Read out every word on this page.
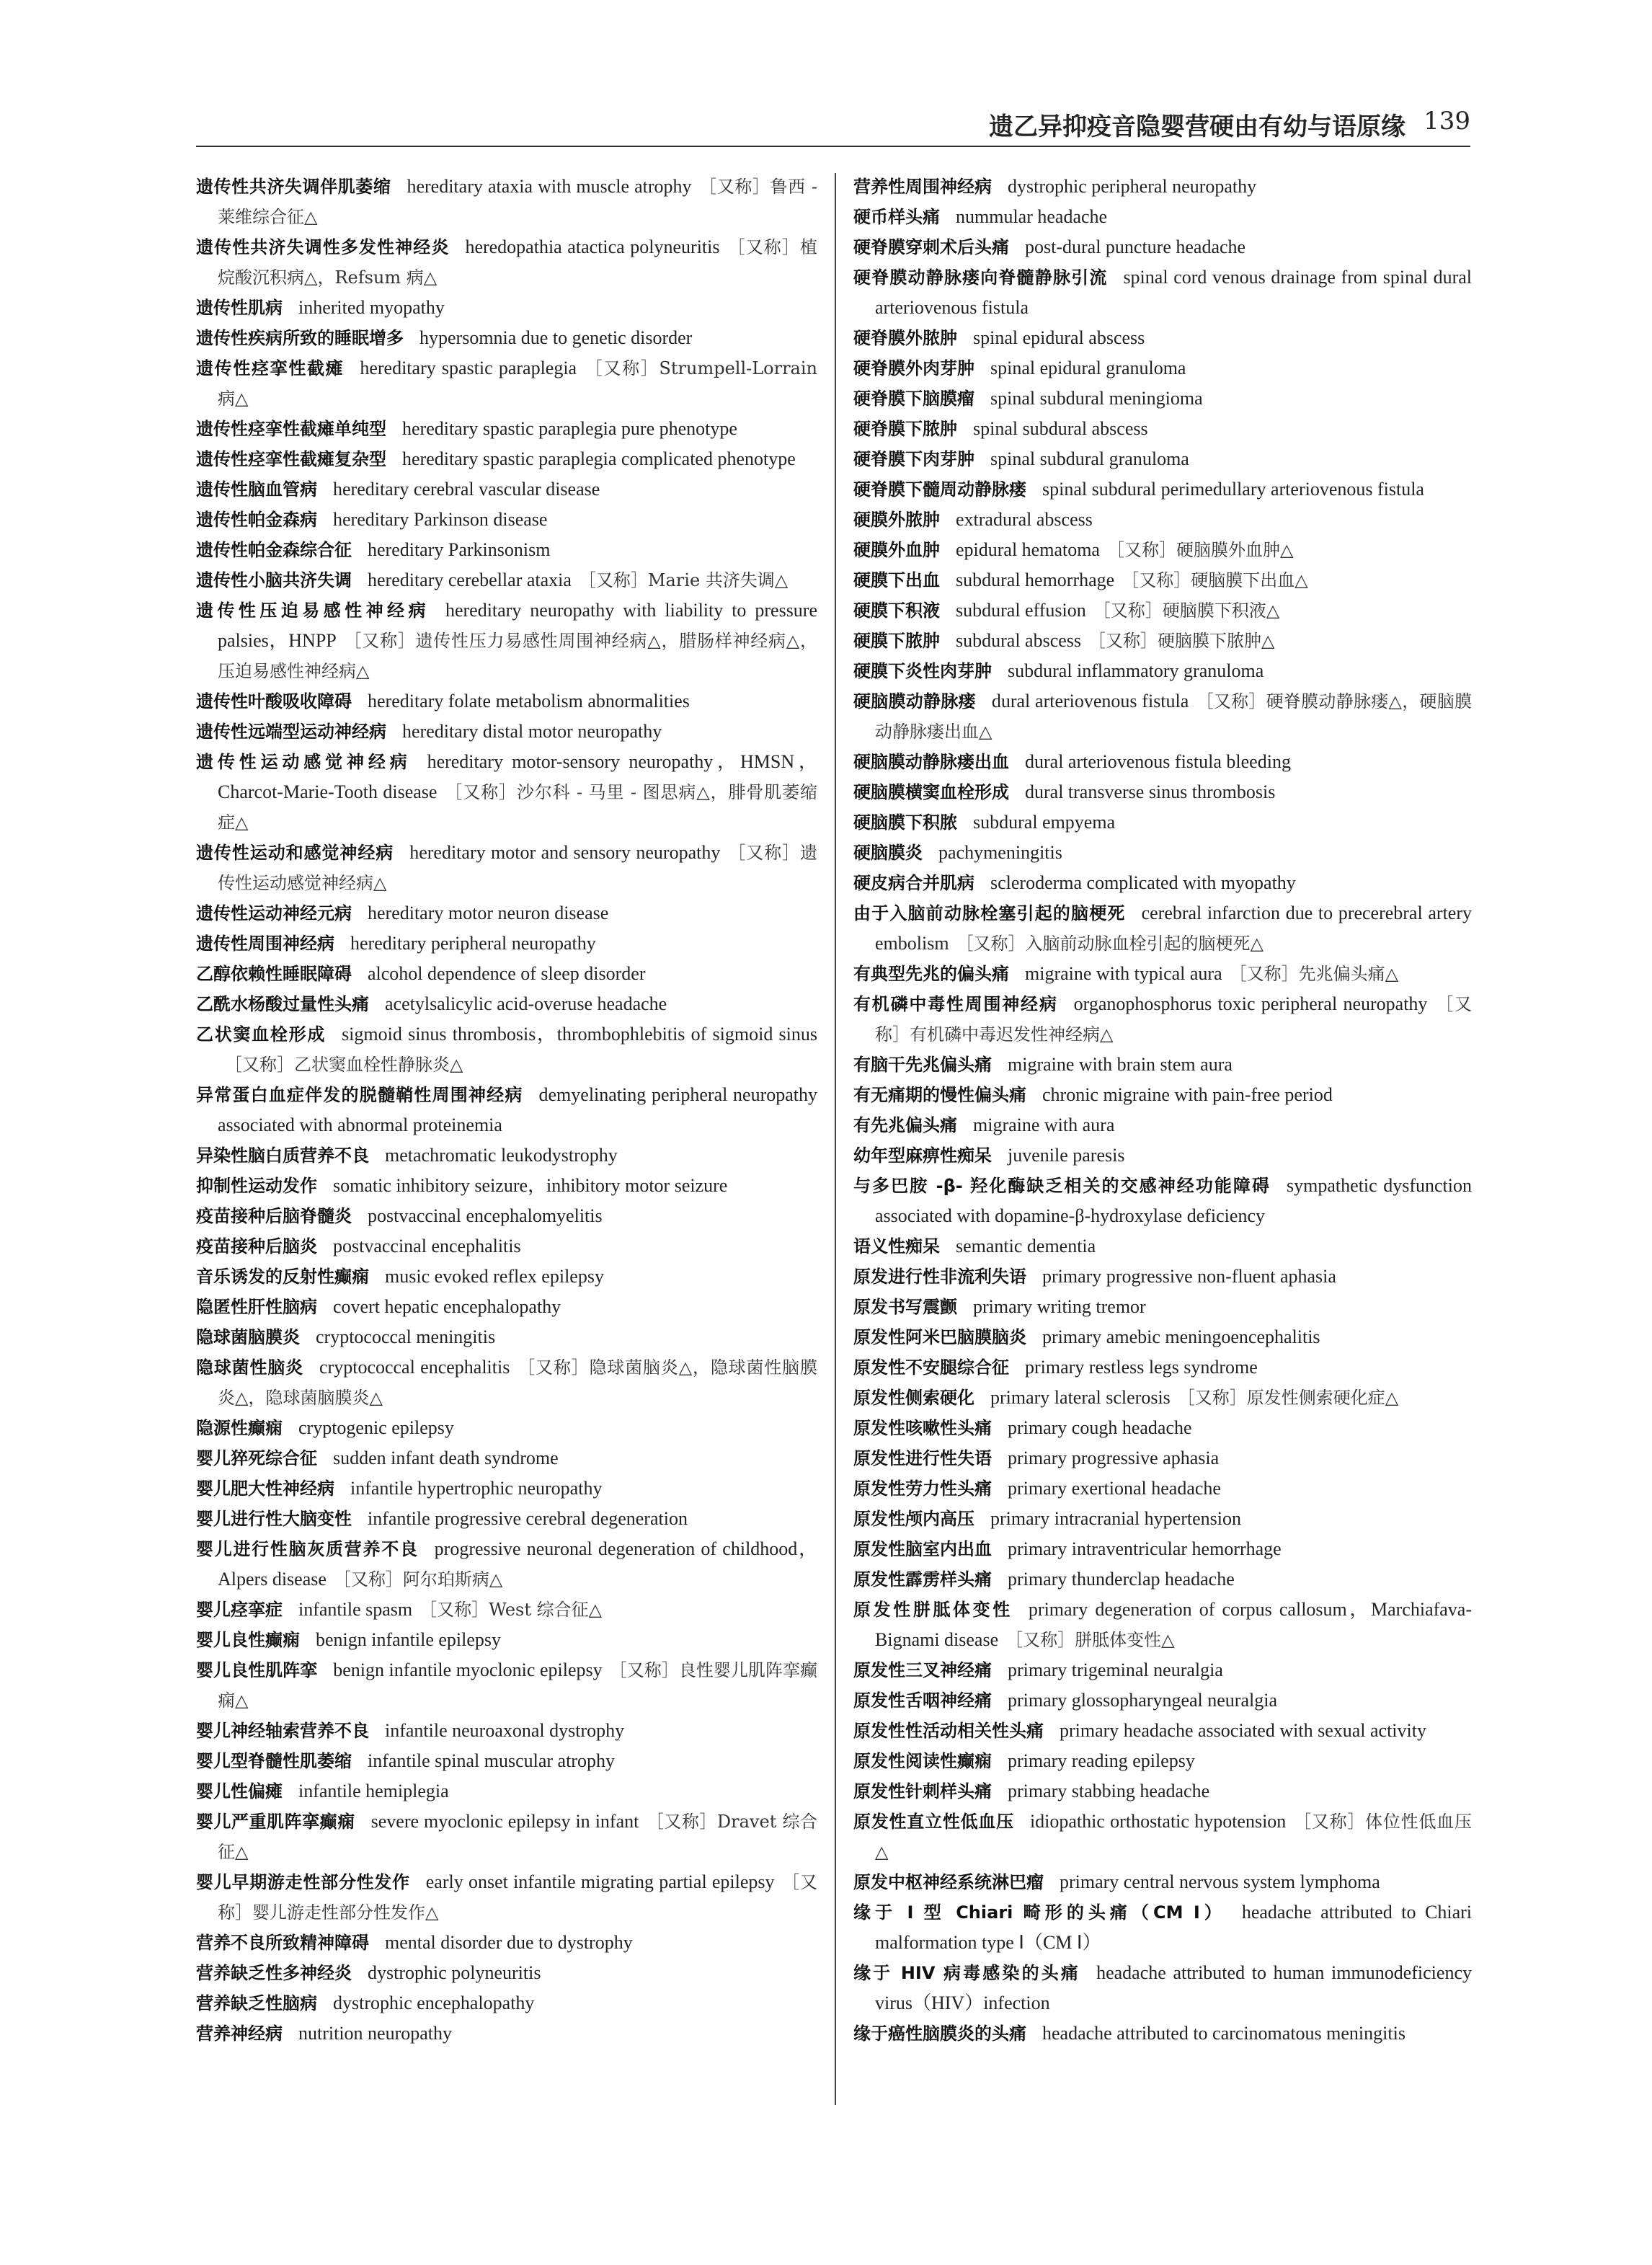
遗乙异抑疫音隐婴营硬由有幼与语原缘 139
遗传性共济失调伴肌萎缩 hereditary ataxia with muscle atrophy ［又称］鲁西 - 莱维综合征△
遗传性共济失调性多发性神经炎 heredopathia atactica polyneuritis ［又称］植烷酸沉积病△，Refsum 病△
遗传性肌病 inherited myopathy
遗传性疾病所致的睡眠增多 hypersomnia due to genetic disorder
遗传性痉挛性截瘫 hereditary spastic paraplegia ［又称］Strumpell-Lorrain 病△
遗传性痉挛性截瘫单纯型 hereditary spastic paraplegia pure phenotype
遗传性痉挛性截瘫复杂型 hereditary spastic paraplegia complicated phenotype
遗传性脑血管病 hereditary cerebral vascular disease
遗传性帕金森病 hereditary Parkinson disease
遗传性帕金森综合征 hereditary Parkinsonism
遗传性小脑共济失调 hereditary cerebellar ataxia ［又称］Marie 共济失调△
遗传性压迫易感性神经病 hereditary neuropathy with liability to pressure palsies，HNPP ［又称］遗传性压力易感性周围神经病△，腊肠样神经病△，压迫易感性神经病△
遗传性叶酸吸收障碍 hereditary folate metabolism abnormalities
遗传性远端型运动神经病 hereditary distal motor neuropathy
遗传性运动感觉神经病 hereditary motor-sensory neuropathy，HMSN，Charcot-Marie-Tooth disease ［又称］沙尔科 - 马里 - 图思病△，腓骨肌萎缩症△
遗传性运动和感觉神经病 hereditary motor and sensory neuropathy ［又称］遗传性运动感觉神经病△
遗传性运动神经元病 hereditary motor neuron disease
遗传性周围神经病 hereditary peripheral neuropathy
乙醇依赖性睡眠障碍 alcohol dependence of sleep disorder
乙酰水杨酸过量性头痛 acetylsalicylic acid-overuse headache
乙状窦血栓形成 sigmoid sinus thrombosis，thrombophlebitis of sigmoid sinus［又称］乙状窦血栓性静脉炎△
异常蛋白血症伴发的脱髓鞘性周围神经病 demyelinating peripheral neuropathy associated with abnormal proteinemia
异染性脑白质营养不良 metachromatic leukodystrophy
抑制性运动发作 somatic inhibitory seizure，inhibitory motor seizure
疫苗接种后脑脊髓炎 postvaccinal encephalomyelitis
疫苗接种后脑炎 postvaccinal encephalitis
音乐诱发的反射性癫痫 music evoked reflex epilepsy
隐匿性肝性脑病 covert hepatic encephalopathy
隐球菌脑膜炎 cryptococcal meningitis
隐球菌性脑炎 cryptococcal encephalitis ［又称］隐球菌脑炎△，隐球菌性脑膜炎△，隐球菌脑膜炎△
隐源性癫痫 cryptogenic epilepsy
婴儿猝死综合征 sudden infant death syndrome
婴儿肥大性神经病 infantile hypertrophic neuropathy
婴儿进行性大脑变性 infantile progressive cerebral degeneration
婴儿进行性脑灰质营养不良 progressive neuronal degeneration of childhood，Alpers disease ［又称］阿尔珀斯病△
婴儿痉挛症 infantile spasm ［又称］West 综合征△
婴儿良性癫痫 benign infantile epilepsy
婴儿良性肌阵挛 benign infantile myoclonic epilepsy ［又称］良性婴儿肌阵挛癫痫△
婴儿神经轴索营养不良 infantile neuroaxonal dystrophy
婴儿型脊髓性肌萎缩 infantile spinal muscular atrophy
婴儿性偏瘫 infantile hemiplegia
婴儿严重肌阵挛癫痫 severe myoclonic epilepsy in infant ［又称］Dravet 综合征△
婴儿早期游走性部分性发作 early onset infantile migrating partial epilepsy ［又称］婴儿游走性部分性发作△
营养不良所致精神障碍 mental disorder due to dystrophy
营养缺乏性多神经炎 dystrophic polyneuritis
营养缺乏性脑病 dystrophic encephalopathy
营养神经病 nutrition neuropathy
营养性周围神经病 dystrophic peripheral neuropathy
硬币样头痛 nummular headache
硬脊膜穿刺术后头痛 post-dural puncture headache
硬脊膜动静脉瘘向脊髓静脉引流 spinal cord venous drainage from spinal dural arteriovenous fistula
硬脊膜外脓肿 spinal epidural abscess
硬脊膜外肉芽肿 spinal epidural granuloma
硬脊膜下脑膜瘤 spinal subdural meningioma
硬脊膜下脓肿 spinal subdural abscess
硬脊膜下肉芽肿 spinal subdural granuloma
硬脊膜下髓周动静脉瘘 spinal subdural perimedullary arteriovenous fistula
硬膜外脓肿 extradural abscess
硬膜外血肿 epidural hematoma ［又称］硬脑膜外血肿△
硬膜下出血 subdural hemorrhage ［又称］硬脑膜下出血△
硬膜下积液 subdural effusion ［又称］硬脑膜下积液△
硬膜下脓肿 subdural abscess ［又称］硬脑膜下脓肿△
硬膜下炎性肉芽肿 subdural inflammatory granuloma
硬脑膜动静脉瘘 dural arteriovenous fistula ［又称］硬脊膜动静脉瘘△，硬脑膜动静脉瘘出血△
硬脑膜动静脉瘘出血 dural arteriovenous fistula bleeding
硬脑膜横窦血栓形成 dural transverse sinus thrombosis
硬脑膜下积脓 subdural empyema
硬脑膜炎 pachymeningitis
硬皮病合并肌病 scleroderma complicated with myopathy
由于入脑前动脉栓塞引起的脑梗死 cerebral infarction due to precerebral artery embolism ［又称］入脑前动脉血栓引起的脑梗死△
有典型先兆的偏头痛 migraine with typical aura ［又称］先兆偏头痛△
有机磷中毒性周围神经病 organophosphorus toxic peripheral neuropathy ［又称］有机磷中毒迟发性神经病△
有脑干先兆偏头痛 migraine with brain stem aura
有无痛期的慢性偏头痛 chronic migraine with pain-free period
有先兆偏头痛 migraine with aura
幼年型麻痹性痴呆 juvenile paresis
与多巴胺 -β- 羟化酶缺乏相关的交感神经功能障碍 sympathetic dysfunction associated with dopamine-β-hydroxylase deficiency
语义性痴呆 semantic dementia
原发进行性非流利失语 primary progressive non-fluent aphasia
原发书写震颤 primary writing tremor
原发性阿米巴脑膜脑炎 primary amebic meningoencephalitis
原发性不安腿综合征 primary restless legs syndrome
原发性侧索硬化 primary lateral sclerosis ［又称］原发性侧索硬化症△
原发性咳嗽性头痛 primary cough headache
原发性进行性失语 primary progressive aphasia
原发性劳力性头痛 primary exertional headache
原发性颅内高压 primary intracranial hypertension
原发性脑室内出血 primary intraventricular hemorrhage
原发性霹雳样头痛 primary thunderclap headache
原发性胼胝体变性 primary degeneration of corpus callosum，Marchiafava-Bignami disease ［又称］胼胝体变性△
原发性三叉神经痛 primary trigeminal neuralgia
原发性舌咽神经痛 primary glossopharyngeal neuralgia
原发性性活动相关性头痛 primary headache associated with sexual activity
原发性阅读性癫痫 primary reading epilepsy
原发性针刺样头痛 primary stabbing headache
原发性直立性低血压 idiopathic orthostatic hypotension ［又称］体位性低血压△
原发中枢神经系统淋巴瘤 primary central nervous system lymphoma
缘于 I 型 Chiari 畸形的头痛（CM Ⅰ） headache attributed to Chiari malformation type Ⅰ（CM Ⅰ）
缘于 HIV 病毒感染的头痛 headache attributed to human immunodeficiency virus（HIV）infection
缘于癌性脑膜炎的头痛 headache attributed to carcinomatous meningitis
